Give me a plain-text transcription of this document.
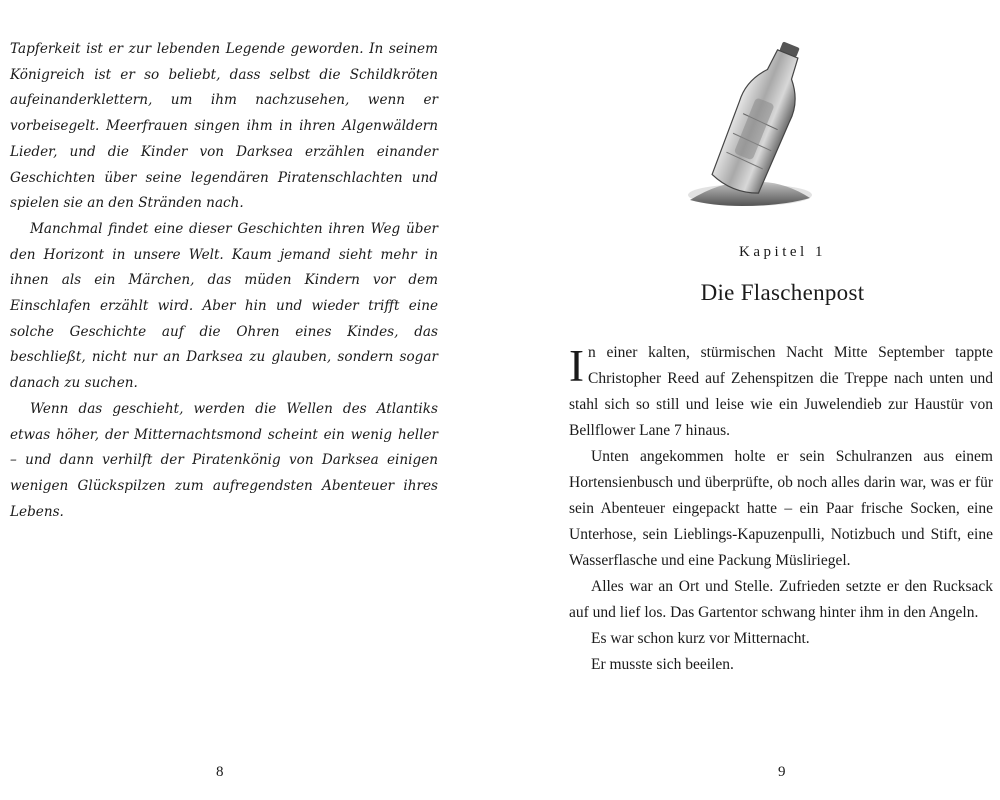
Tapferkeit ist er zur lebenden Legende geworden. In seinem Königreich ist er so beliebt, dass selbst die Schildkröten aufeinanderklettern, um ihm nachzusehen, wenn er vorbeisegelt. Meerfrauen singen ihm in ihren Algenwäldern Lieder, und die Kinder von Darksea erzählen einander Geschichten über seine legendären Piratenschlachten und spielen sie an den Stränden nach.

Manchmal findet eine dieser Geschichten ihren Weg über den Horizont in unsere Welt. Kaum jemand sieht mehr in ihnen als ein Märchen, das müden Kindern vor dem Einschlafen erzählt wird. Aber hin und wieder trifft eine solche Geschichte auf die Ohren eines Kindes, das beschließt, nicht nur an Darksea zu glauben, sondern sogar danach zu suchen.

Wenn das geschieht, werden die Wellen des Atlantiks etwas höher, der Mitternachtsmond scheint ein wenig heller – und dann verhilft der Piratenkönig von Darksea einigen wenigen Glückspilzen zum aufregendsten Abenteuer ihres Lebens.

8
Kapitel 1
Die Flaschenpost

In einer kalten, stürmischen Nacht Mitte September tappte Christopher Reed auf Zehenspitzen die Treppe nach unten und stahl sich so still und leise wie ein Juwelendieb zur Haustür von Bellflower Lane 7 hinaus.

Unten angekommen holte er sein Schulranzen aus einem Hortensienbusch und überprüfte, ob noch alles darin war, was er für sein Abenteuer eingepackt hatte – ein Paar frische Socken, eine Unterhose, sein Lieblings-Kapuzenpulli, Notizbuch und Stift, eine Wasserflasche und eine Packung Müsliriegel.

Alles war an Ort und Stelle. Zufrieden setzte er den Rucksack auf und lief los. Das Gartentor schwang hinter ihm in den Angeln.

Es war schon kurz vor Mitternacht.

Er musste sich beeilen.

9
